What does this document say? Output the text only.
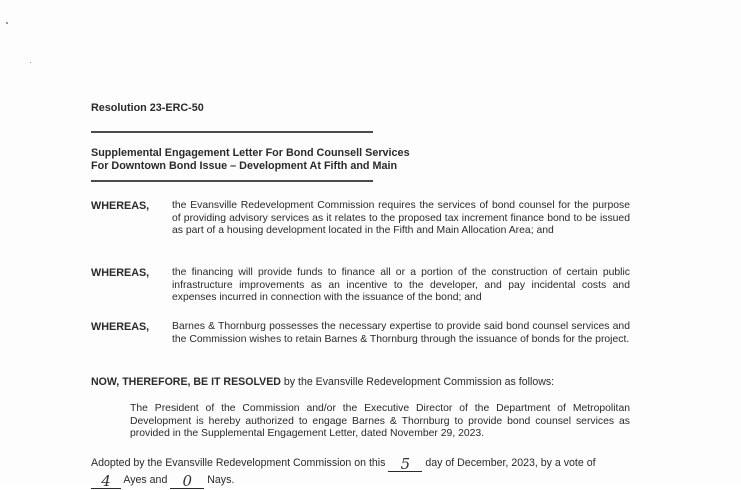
Resolution 23-ERC-50
Supplemental Engagement Letter For Bond Counsell Services
For Downtown Bond Issue – Development At Fifth and Main
WHEREAS, the Evansville Redevelopment Commission requires the services of bond counsel for the purpose of providing advisory services as it relates to the proposed tax increment finance bond to be issued as part of a housing development located in the Fifth and Main Allocation Area; and
WHEREAS, the financing will provide funds to finance all or a portion of the construction of certain public infrastructure improvements as an incentive to the developer, and pay incidental costs and expenses incurred in connection with the issuance of the bond; and
WHEREAS, Barnes & Thornburg possesses the necessary expertise to provide said bond counsel services and the Commission wishes to retain Barnes & Thornburg through the issuance of bonds for the project.
NOW, THEREFORE, BE IT RESOLVED by the Evansville Redevelopment Commission as follows:
The President of the Commission and/or the Executive Director of the Department of Metropolitan Development is hereby authorized to engage Barnes & Thornburg to provide bond counsel services as provided in the Supplemental Engagement Letter, dated November 29, 2023.
Adopted by the Evansville Redevelopment Commission on this	5	day of December, 2023, by a vote of

4	Ayes and	0	Nays.
